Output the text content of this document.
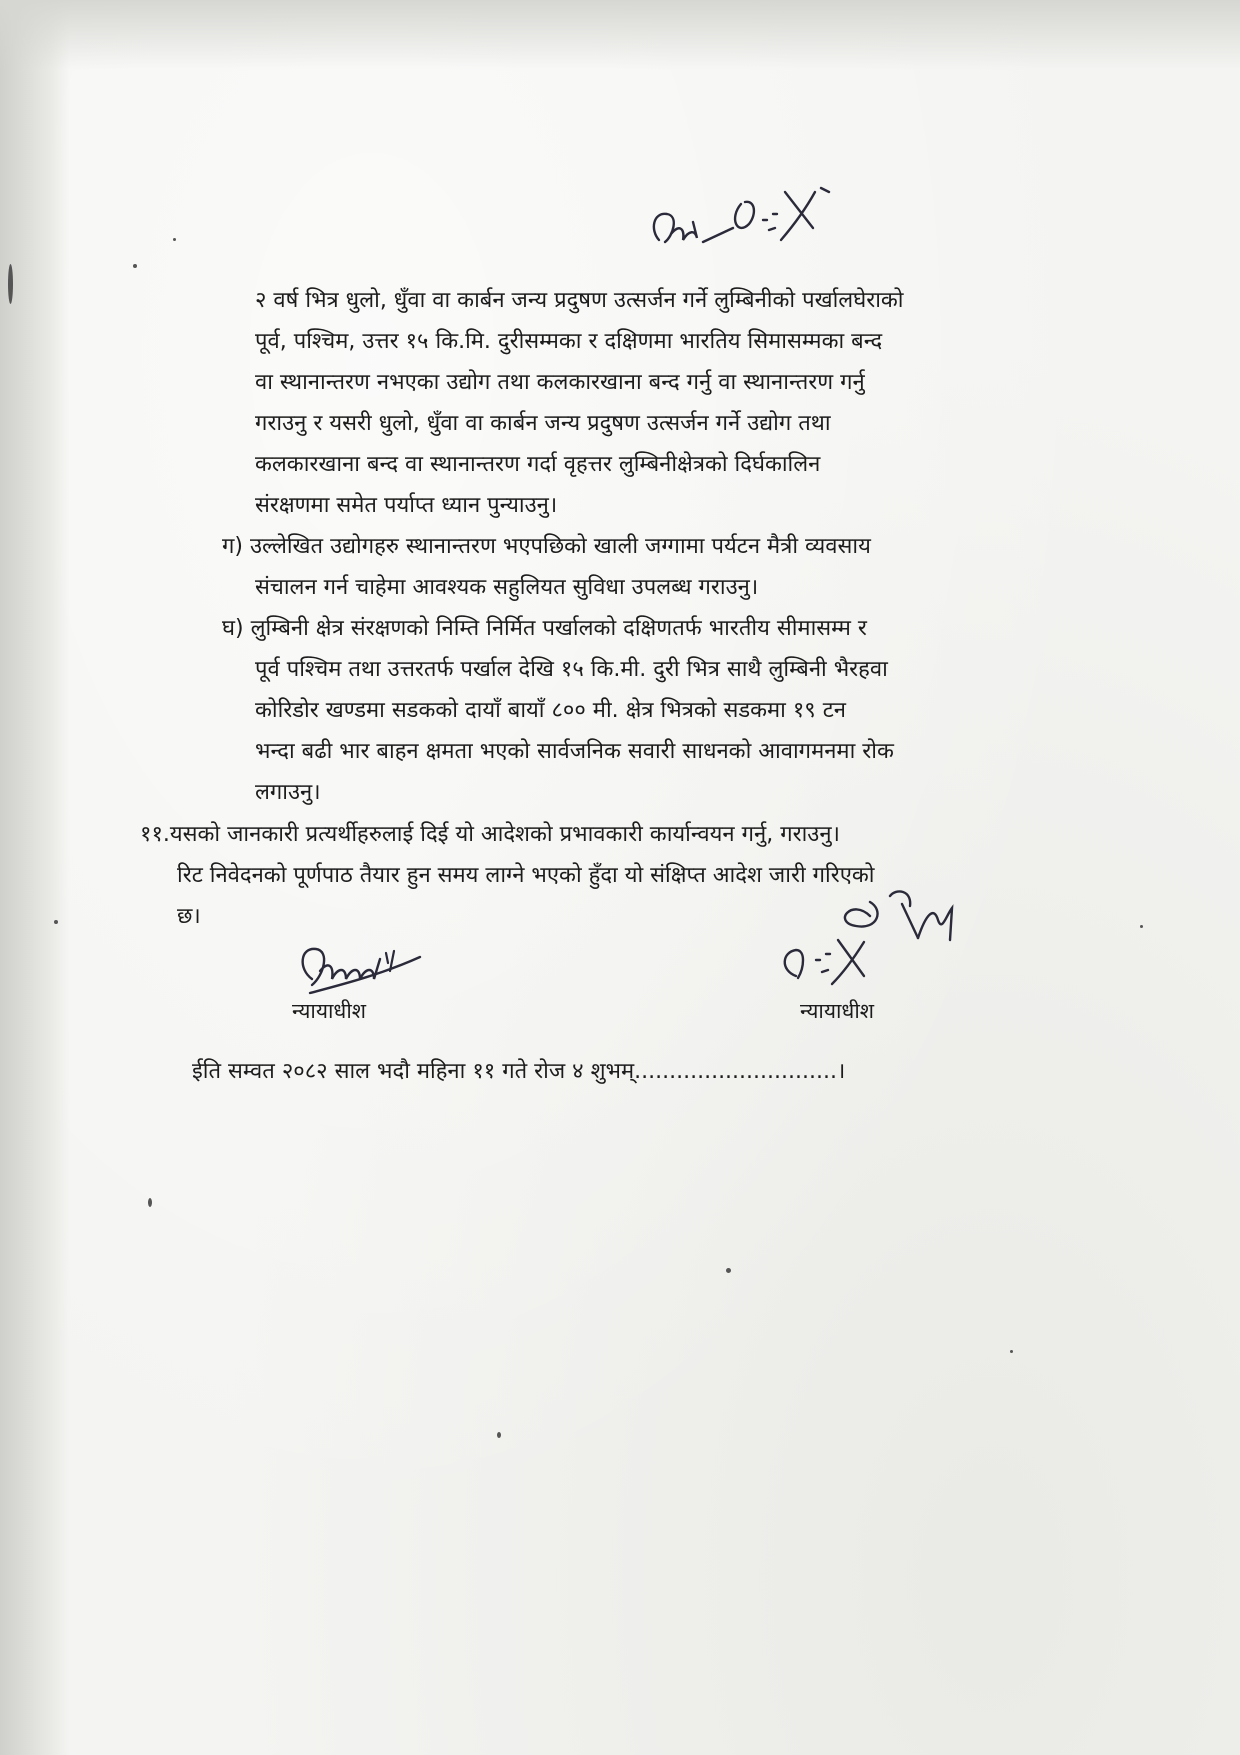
२ वर्ष भित्र धुलो, धुँवा वा कार्बन जन्य प्रदुषण उत्सर्जन गर्ने लुम्बिनीको पर्खालघेराको
पूर्व, पश्चिम, उत्तर १५ कि.मि. दुरीसम्मका र दक्षिणमा भारतिय सिमासम्मका बन्द
वा स्थानान्तरण नभएका उद्योग तथा कलकारखाना बन्द गर्नु वा स्थानान्तरण गर्नु
गराउनु र यसरी धुलो, धुँवा वा कार्बन जन्य प्रदुषण उत्सर्जन गर्ने उद्योग तथा
कलकारखाना बन्द वा स्थानान्तरण गर्दा वृहत्तर लुम्बिनीक्षेत्रको दिर्घकालिन
संरक्षणमा समेत पर्याप्त ध्यान पुन्याउनु।
ग) उल्लेखित उद्योगहरु स्थानान्तरण भएपछिको खाली जग्गामा पर्यटन मैत्री व्यवसाय
संचालन गर्न चाहेमा आवश्यक सहुलियत सुविधा उपलब्ध गराउनु।
घ) लुम्बिनी क्षेत्र संरक्षणको निम्ति निर्मित पर्खालको दक्षिणतर्फ भारतीय सीमासम्म र
पूर्व पश्चिम तथा उत्तरतर्फ पर्खाल देखि १५ कि.मी. दुरी भित्र साथै लुम्बिनी भैरहवा
कोरिडोर खण्डमा सडकको दायाँ बायाँ ८०० मी. क्षेत्र भित्रको सडकमा १९ टन
भन्दा बढी भार बाहन क्षमता भएको सार्वजनिक सवारी साधनको आवागमनमा रोक
लगाउनु।
११.यसको जानकारी प्रत्यर्थीहरुलाई दिई यो आदेशको प्रभावकारी कार्यान्वयन गर्नु, गराउनु।
रिट निवेदनको पूर्णपाठ तैयार हुन समय लाग्ने भएको हुँदा यो संक्षिप्त आदेश जारी गरिएको
छ।
न्यायाधीश	न्यायाधीश
ईति सम्वत २०८२ साल भदौ महिना ११ गते रोज ४ शुभम्.............................।
